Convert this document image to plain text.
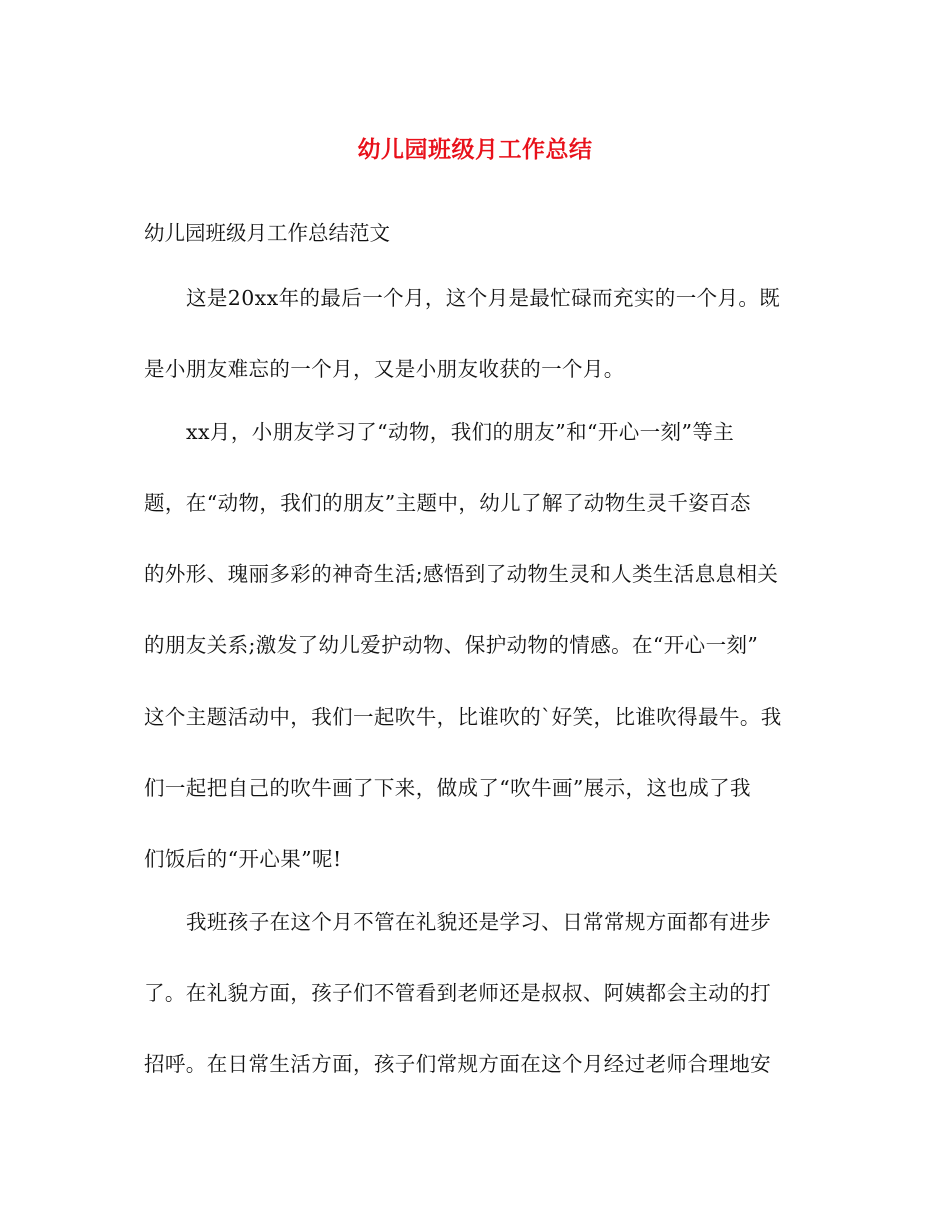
幼儿园班级月工作总结
幼儿园班级月工作总结范文
这是20xx年的最后一个月，这个月是最忙碌而充实的一个月。既
是小朋友难忘的一个月，又是小朋友收获的一个月。
xx月，小朋友学习了“动物，我们的朋友”和“开心一刻”等主
题，在“动物，我们的朋友”主题中，幼儿了解了动物生灵千姿百态
的外形、瑰丽多彩的神奇生活;感悟到了动物生灵和人类生活息息相关
的朋友关系;激发了幼儿爱护动物、保护动物的情感。在“开心一刻”
这个主题活动中，我们一起吹牛，比谁吹的`好笑，比谁吹得最牛。我
们一起把自己的吹牛画了下来，做成了“吹牛画”展示，这也成了我
们饭后的“开心果”呢!
我班孩子在这个月不管在礼貌还是学习、日常常规方面都有进步
了。在礼貌方面，孩子们不管看到老师还是叔叔、阿姨都会主动的打
招呼。在日常生活方面，孩子们常规方面在这个月经过老师合理地安
